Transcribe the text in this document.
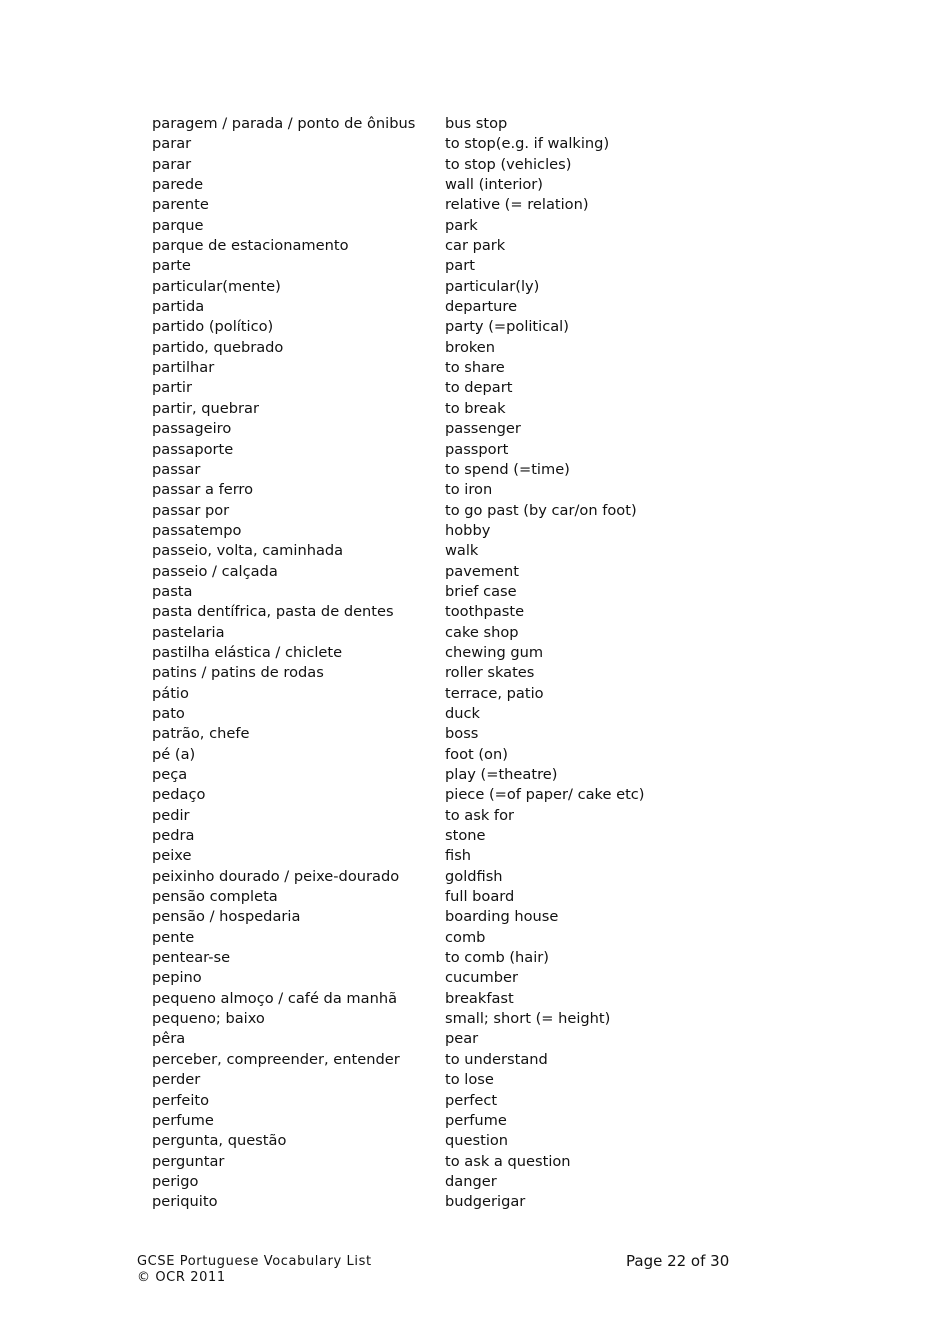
paragem / parada / ponto de ônibus	bus stop
parar	to stop(e.g. if walking)
parar	to stop (vehicles)
parede	wall (interior)
parente	relative (= relation)
parque	park
parque de estacionamento	car park
parte	part
particular(mente)	particular(ly)
partida	departure
partido (político)	party (=political)
partido, quebrado	broken
partilhar	to share
partir	to depart
partir, quebrar	to break
passageiro	passenger
passaporte	passport
passar	to spend (=time)
passar a ferro	to iron
passar por	to go past (by car/on foot)
passatempo	hobby
passeio, volta, caminhada	walk
passeio / calçada	pavement
pasta	brief case
pasta dentífrica, pasta de dentes	toothpaste
pastelaria	cake shop
pastilha elástica / chiclete	chewing gum
patins / patins de rodas	roller skates
pátio	terrace, patio
pato	duck
patrão, chefe	boss
pé (a)	foot (on)
peça	play (=theatre)
pedaço	piece (=of paper/ cake etc)
pedir	to ask for
pedra	stone
peixe	fish
peixinho dourado / peixe-dourado	goldfish
pensão completa	full board
pensão / hospedaria	boarding house
pente	comb
pentear-se	to comb (hair)
pepino	cucumber
pequeno almoço / café da manhã	breakfast
pequeno; baixo	small; short (= height)
pêra	pear
perceber, compreender, entender	to understand
perder	to lose
perfeito	perfect
perfume	perfume
pergunta, questão	question
perguntar	to ask a question
perigo	danger
periquito	budgerigar
GCSE Portuguese Vocabulary List
© OCR 2011
Page 22 of 30
